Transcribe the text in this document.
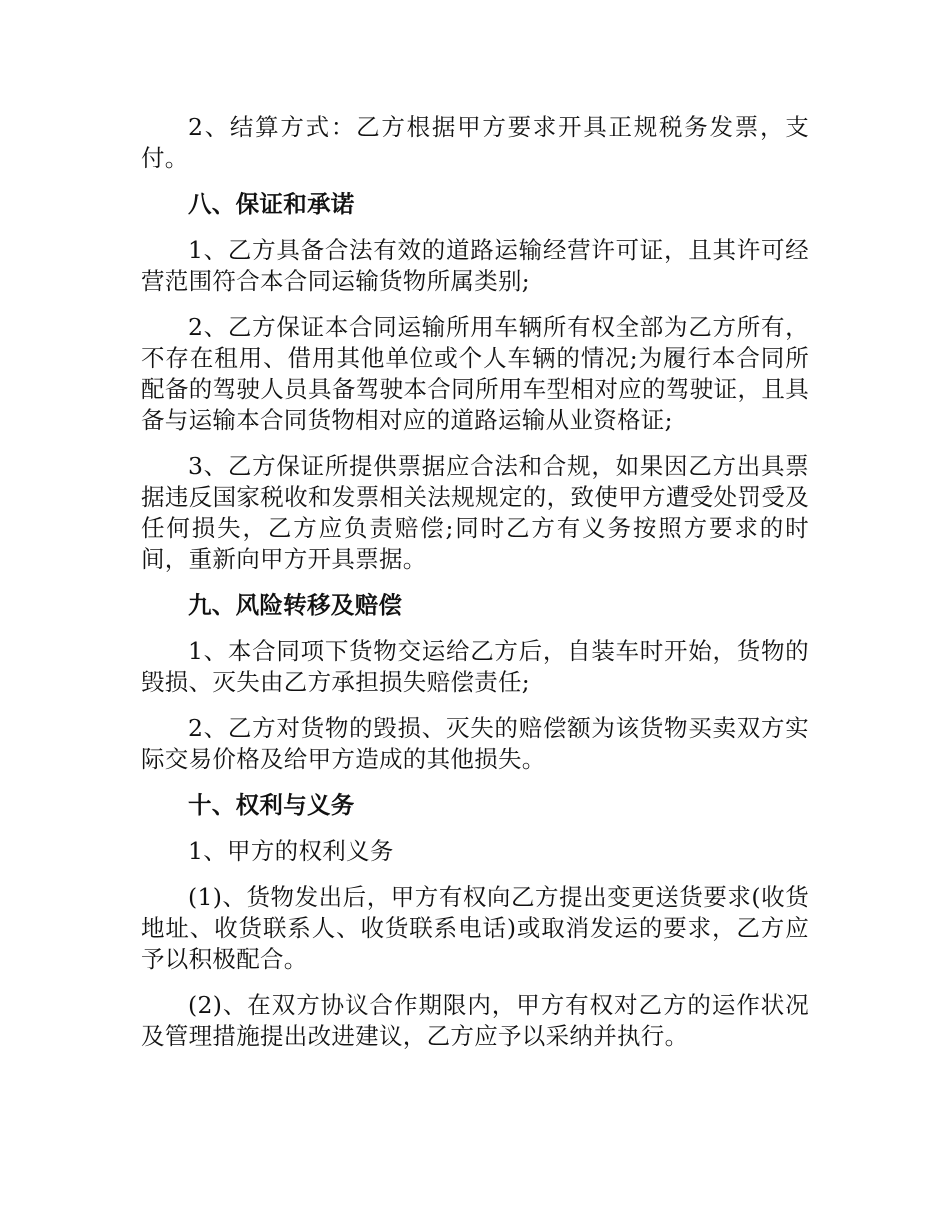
2、结算方式：乙方根据甲方要求开具正规税务发票，支付。

八、保证和承诺

1、乙方具备合法有效的道路运输经营许可证，且其许可经营范围符合本合同运输货物所属类别;

2、乙方保证本合同运输所用车辆所有权全部为乙方所有，不存在租用、借用其他单位或个人车辆的情况;为履行本合同所配备的驾驶人员具备驾驶本合同所用车型相对应的驾驶证，且具备与运输本合同货物相对应的道路运输从业资格证;

3、乙方保证所提供票据应合法和合规，如果因乙方出具票据违反国家税收和发票相关法规规定的，致使甲方遭受处罚受及任何损失，乙方应负责赔偿;同时乙方有义务按照方要求的时间，重新向甲方开具票据。

九、风险转移及赔偿

1、本合同项下货物交运给乙方后，自装车时开始，货物的毁损、灭失由乙方承担损失赔偿责任;

2、乙方对货物的毁损、灭失的赔偿额为该货物买卖双方实际交易价格及给甲方造成的其他损失。

十、权利与义务

1、甲方的权利义务

(1)、货物发出后，甲方有权向乙方提出变更送货要求(收货地址、收货联系人、收货联系电话)或取消发运的要求，乙方应予以积极配合。

(2)、在双方协议合作期限内，甲方有权对乙方的运作状况及管理措施提出改进建议，乙方应予以采纳并执行。
